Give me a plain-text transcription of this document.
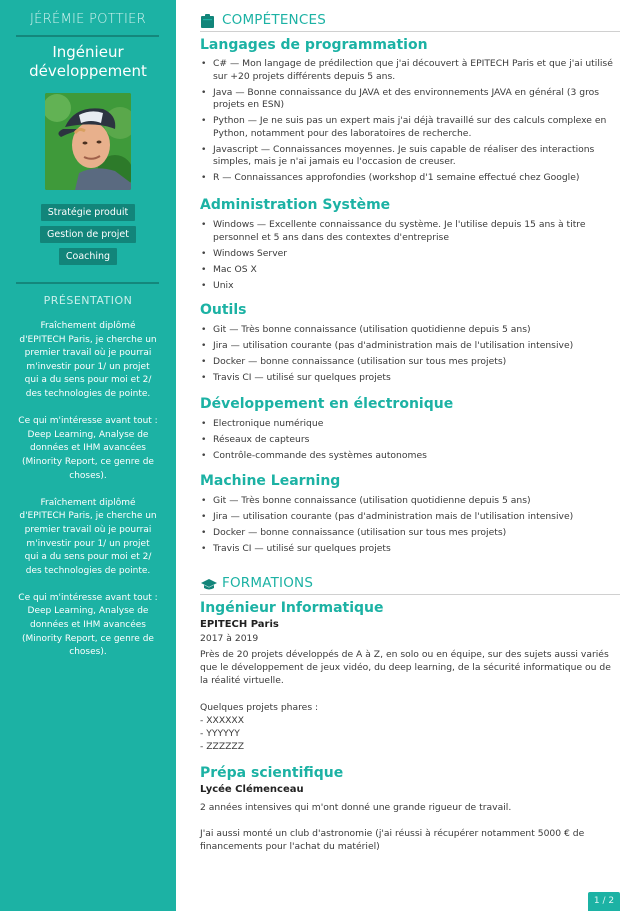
JÉRÉMIE POTTIER
Ingénieur
développement
Stratégie produit
Gestion de projet
Coaching
PRÉSENTATION

Fraîchement diplômé d'EPITECH Paris, je cherche un premier travail où je pourrai m'investir pour 1/ un projet qui a du sens pour moi et 2/ des technologies de pointe.

Ce qui m'intéresse avant tout : Deep Learning, Analyse de données et IHM avancées (Minority Report, ce genre de choses).

Fraîchement diplômé d'EPITECH Paris, je cherche un premier travail où je pourrai m'investir pour 1/ un projet qui a du sens pour moi et 2/ des technologies de pointe.

Ce qui m'intéresse avant tout : Deep Learning, Analyse de données et IHM avancées (Minority Report, ce genre de choses).

COMPÉTENCES
Langages de programmation
• C# — Mon langage de prédilection que j'ai découvert à EPITECH Paris et que j'ai utilisé sur +20 projets différents depuis 5 ans.
• Java — Bonne connaissance du JAVA et des environnements JAVA en général (3 gros projets en ESN)
• Python — Je ne suis pas un expert mais j'ai déjà travaillé sur des calculs complexe en Python, notamment pour des laboratoires de recherche.
• Javascript — Connaissances moyennes. Je suis capable de réaliser des interactions simples, mais je n'ai jamais eu l'occasion de creuser.
• R — Connaissances approfondies (workshop d'1 semaine effectué chez Google)
Administration Système
• Windows — Excellente connaissance du système. Je l'utilise depuis 15 ans à titre personnel et 5 ans dans des contextes d'entreprise
• Windows Server
• Mac OS X
• Unix
Outils
• Git — Très bonne connaissance (utilisation quotidienne depuis 5 ans)
• Jira — utilisation courante (pas d'administration mais de l'utilisation intensive)
• Docker — bonne connaissance (utilisation sur tous mes projets)
• Travis CI — utilisé sur quelques projets
Développement en électronique
• Electronique numérique
• Réseaux de capteurs
• Contrôle-commande des systèmes autonomes
Machine Learning
• Git — Très bonne connaissance (utilisation quotidienne depuis 5 ans)
• Jira — utilisation courante (pas d'administration mais de l'utilisation intensive)
• Docker — bonne connaissance (utilisation sur tous mes projets)
• Travis CI — utilisé sur quelques projets
FORMATIONS
Ingénieur Informatique
EPITECH Paris
2017 à 2019
Près de 20 projets développés de A à Z, en solo ou en équipe, sur des sujets aussi variés que le développement de jeux vidéo, du deep learning, de la sécurité informatique ou de la réalité virtuelle.
Quelques projets phares :
- XXXXXX
- YYYYYY
- ZZZZZZ
Prépa scientifique
Lycée Clémenceau
2 années intensives qui m'ont donné une grande rigueur de travail.
J'ai aussi monté un club d'astronomie (j'ai réussi à récupérer notamment 5000 € de financements pour l'achat du matériel)
1 / 2
